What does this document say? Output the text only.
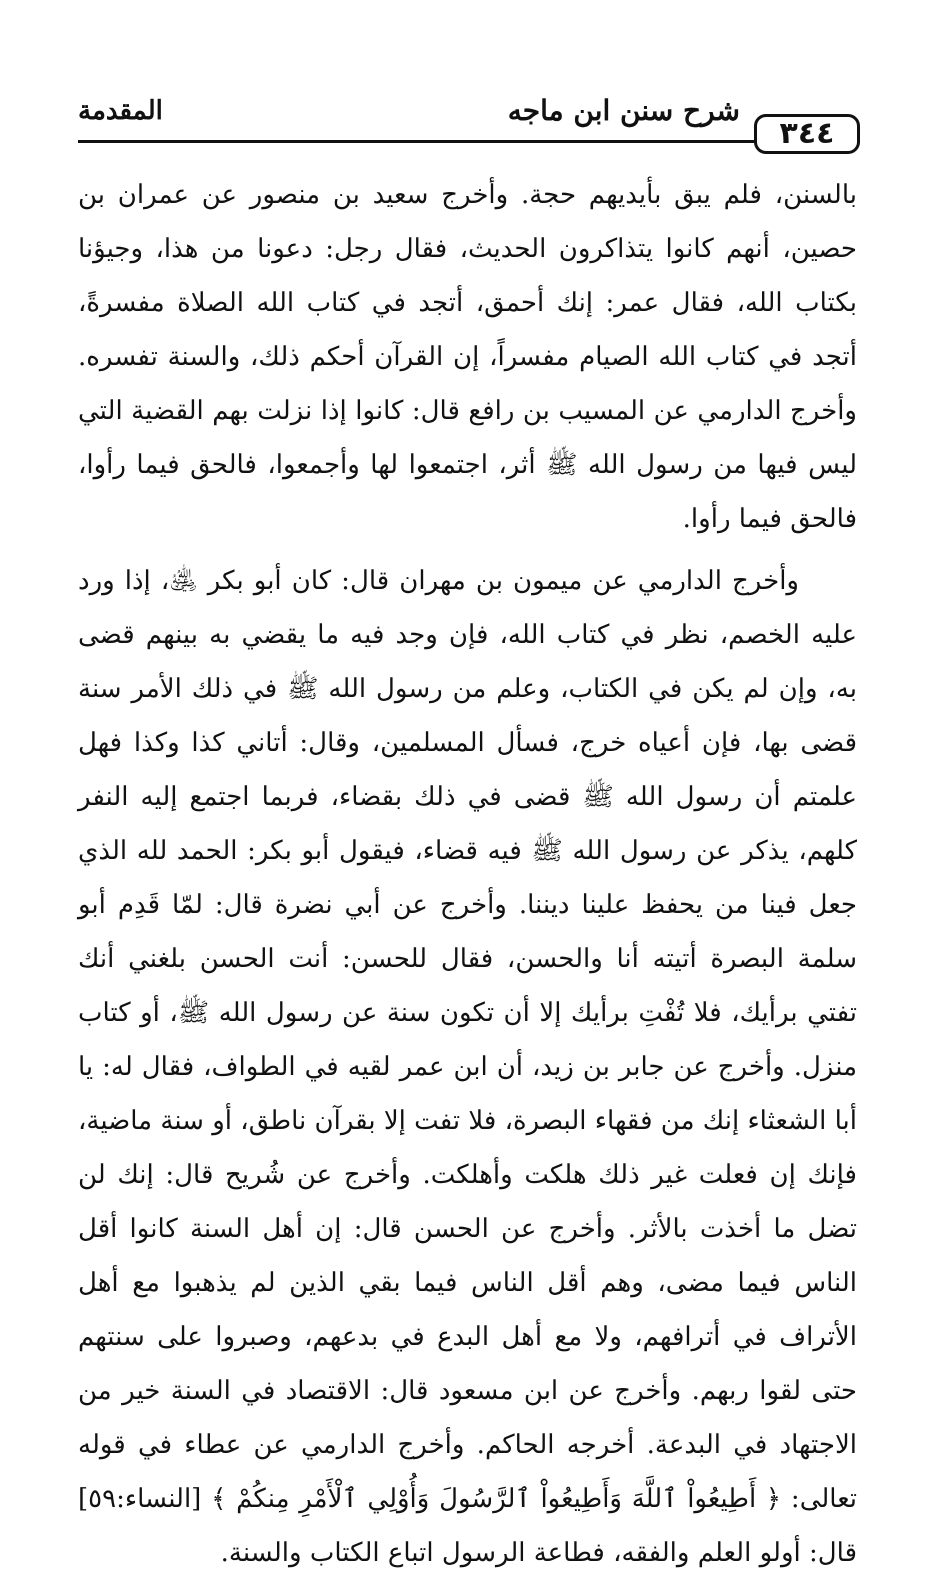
المقدمة	شرح سنن ابن ماجه
٣٤٤

بالسنن، فلم يبق بأيديهم حجة. وأخرج سعيد بن منصور عن عمران بن حصين، أنهم كانوا يتذاكرون الحديث، فقال رجل: دعونا من هذا، وجيؤنا بكتاب الله، فقال عمر: إنك أحمق، أتجد في كتاب الله الصلاة مفسرةً، أتجد في كتاب الله الصيام مفسراً، إن القرآن أحكم ذلك، والسنة تفسره. وأخرج الدارمي عن المسيب بن رافع قال: كانوا إذا نزلت بهم القضية التي ليس فيها من رسول الله ﷺ أثر، اجتمعوا لها وأجمعوا، فالحق فيما رأوا، فالحق فيما رأوا.

وأخرج الدارمي عن ميمون بن مهران قال: كان أبو بكر ﵁، إذا ورد عليه الخصم، نظر في كتاب الله، فإن وجد فيه ما يقضي به بينهم قضى به، وإن لم يكن في الكتاب، وعلم من رسول الله ﷺ في ذلك الأمر سنة قضى بها، فإن أعياه خرج، فسأل المسلمين، وقال: أتاني كذا وكذا فهل علمتم أن رسول الله ﷺ قضى في ذلك بقضاء، فربما اجتمع إليه النفر كلهم، يذكر عن رسول الله ﷺ فيه قضاء، فيقول أبو بكر: الحمد لله الذي جعل فينا من يحفظ علينا ديننا. وأخرج عن أبي نضرة قال: لمّا قَدِم أبو سلمة البصرة أتيته أنا والحسن، فقال للحسن: أنت الحسن بلغني أنك تفتي برأيك، فلا تُفْتِ برأيك إلا أن تكون سنة عن رسول الله ﷺ، أو كتاب منزل. وأخرج عن جابر بن زيد، أن ابن عمر لقيه في الطواف، فقال له: يا أبا الشعثاء إنك من فقهاء البصرة، فلا تفت إلا بقرآن ناطق، أو سنة ماضية، فإنك إن فعلت غير ذلك هلكت وأهلكت. وأخرج عن شُريح قال: إنك لن تضل ما أخذت بالأثر. وأخرج عن الحسن قال: إن أهل السنة كانوا أقل الناس فيما مضى، وهم أقل الناس فيما بقي الذين لم يذهبوا مع أهل الأتراف في أترافهم، ولا مع أهل البدع في بدعهم، وصبروا على سنتهم حتى لقوا ربهم. وأخرج عن ابن مسعود قال: الاقتصاد في السنة خير من الاجتهاد في البدعة. أخرجه الحاكم. وأخرج الدارمي عن عطاء في قوله تعالى: ﴿ أَطِيعُواْ ٱللَّهَ وَأَطِيعُواْ ٱلرَّسُولَ وَأُوْلِي ٱلْأَمْرِ مِنكُمْ ﴾ [النساء:٥٩] قال: أولو العلم والفقه، فطاعة الرسول اتباع الكتاب والسنة.
